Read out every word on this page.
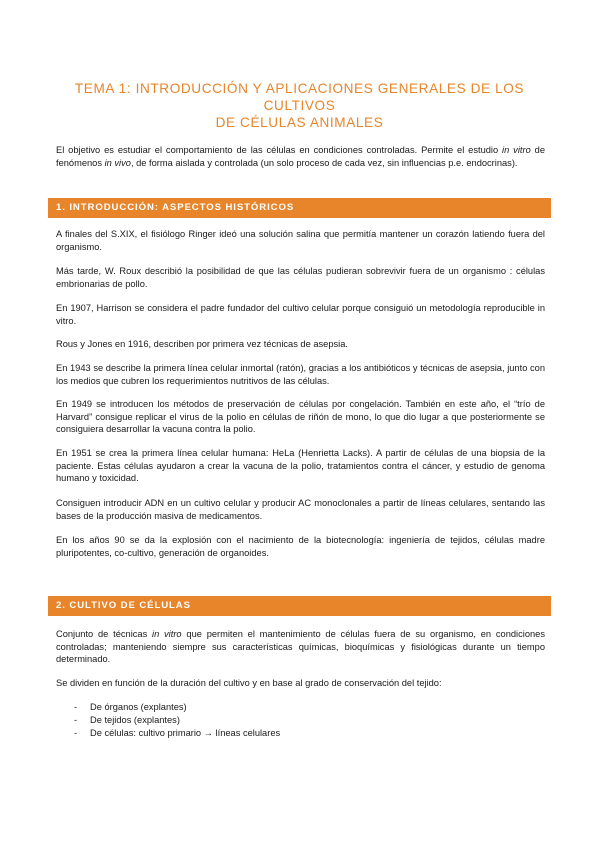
TEMA 1: INTRODUCCIÓN Y APLICACIONES GENERALES DE LOS CULTIVOS
DE CÉLULAS ANIMALES

El objetivo es estudiar el comportamiento de las células en condiciones controladas. Permite el estudio in vitro de fenómenos in vivo, de forma aislada y controlada (un solo proceso de cada vez, sin influencias p.e. endocrinas).

1. INTRODUCCIÓN: ASPECTOS HISTÓRICOS

A finales del S.XIX, el fisiólogo Ringer ideó una solución salina que permitía mantener un corazón latiendo fuera del organismo.

Más tarde, W. Roux describió la posibilidad de que las células pudieran sobrevivir fuera de un organismo : células embrionarias de pollo.

En 1907, Harrison se considera el padre fundador del cultivo celular porque consiguió un metodología reproducible in vitro.

Rous y Jones en 1916, describen por primera vez técnicas de asepsia.

En 1943 se describe la primera línea celular inmortal (ratón), gracias a los antibióticos y técnicas de asepsia, junto con los medios que cubren los requerimientos nutritivos de las células.

En 1949 se introducen los métodos de preservación de células por congelación. También en este año, el “trío de Harvard” consigue replicar el virus de la polio en células de riñón de mono, lo que dio lugar a que posteriormente se consiguiera desarrollar la vacuna contra la polio.

En 1951 se crea la primera línea celular humana: HeLa (Henrietta Lacks). A partir de células de una biopsia de la paciente. Estas células ayudaron a crear la vacuna de la polio, tratamientos contra el cáncer, y estudio de genoma humano y toxicidad.

Consiguen introducir ADN en un cultivo celular y producir AC monoclonales a partir de líneas celulares, sentando las bases de la producción masiva de medicamentos.

En los años 90 se da la explosión con el nacimiento de la biotecnología: ingeniería de tejidos, células madre pluripotentes, co-cultivo, generación de organoides.

2. CULTIVO DE CÉLULAS

Conjunto de técnicas in vitro que permiten el mantenimiento de células fuera de su organismo, en condiciones controladas; manteniendo siempre sus características químicas, bioquímicas y fisiológicas durante un tiempo determinado.

Se dividen en función de la duración del cultivo y en base al grado de conservación del tejido:

- De órganos (explantes)
- De tejidos (explantes)
- De células: cultivo primario → líneas celulares
